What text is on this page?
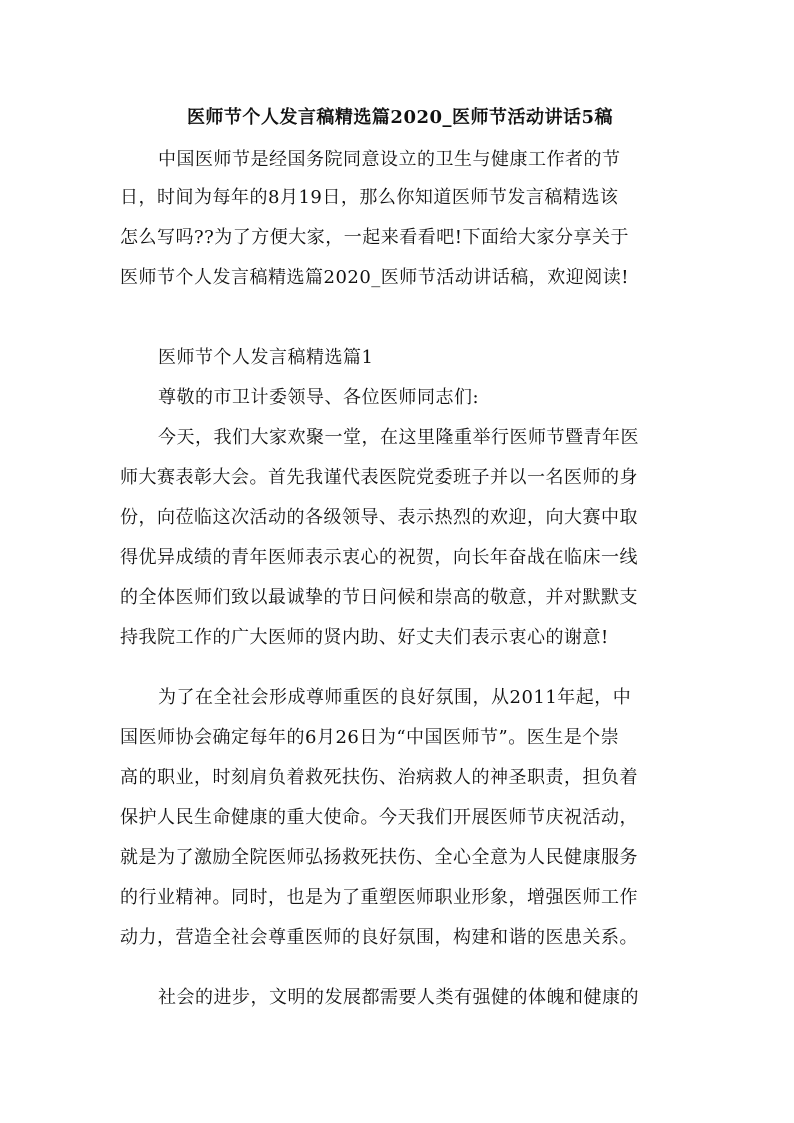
医师节个人发言稿精选篇2020_医师节活动讲话5稿
中国医师节是经国务院同意设立的卫生与健康工作者的节
日，时间为每年的8月19日，那么你知道医师节发言稿精选该
怎么写吗??为了方便大家，一起来看看吧!下面给大家分享关于
医师节个人发言稿精选篇2020_医师节活动讲话稿，欢迎阅读!
医师节个人发言稿精选篇1
尊敬的市卫计委领导、各位医师同志们:
今天，我们大家欢聚一堂，在这里隆重举行医师节暨青年医
师大赛表彰大会。首先我谨代表医院党委班子并以一名医师的身
份，向莅临这次活动的各级领导、表示热烈的欢迎，向大赛中取
得优异成绩的青年医师表示衷心的祝贺，向长年奋战在临床一线
的全体医师们致以最诚挚的节日问候和崇高的敬意，并对默默支
持我院工作的广大医师的贤内助、好丈夫们表示衷心的谢意!
为了在全社会形成尊师重医的良好氛围，从2011年起，中
国医师协会确定每年的6月26日为“中国医师节”。医生是个崇
高的职业，时刻肩负着救死扶伤、治病救人的神圣职责，担负着
保护人民生命健康的重大使命。今天我们开展医师节庆祝活动，
就是为了激励全院医师弘扬救死扶伤、全心全意为人民健康服务
的行业精神。同时，也是为了重塑医师职业形象，增强医师工作
动力，营造全社会尊重医师的良好氛围，构建和谐的医患关系。
社会的进步，文明的发展都需要人类有强健的体魄和健康的
